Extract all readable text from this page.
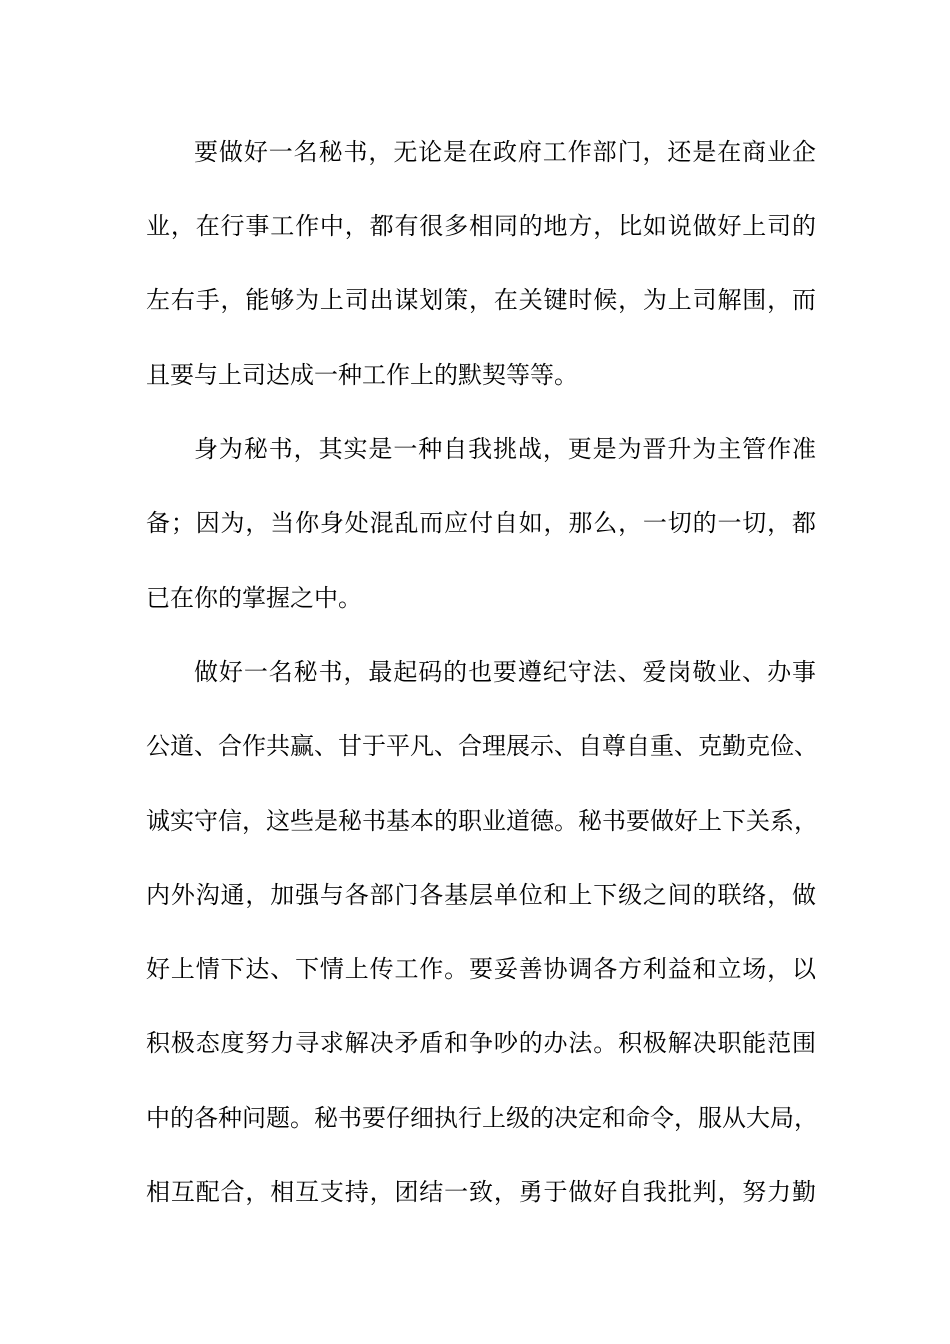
要做好一名秘书，无论是在政府工作部门，还是在商业企
业，在行事工作中，都有很多相同的地方，比如说做好上司的
左右手，能够为上司出谋划策，在关键时候，为上司解围，而
且要与上司达成一种工作上的默契等等。
身为秘书，其实是一种自我挑战，更是为晋升为主管作准
备；因为，当你身处混乱而应付自如，那么，一切的一切，都
已在你的掌握之中。
做好一名秘书，最起码的也要遵纪守法、爱岗敬业、办事
公道、合作共赢、甘于平凡、合理展示、自尊自重、克勤克俭、
诚实守信，这些是秘书基本的职业道德。秘书要做好上下关系，
内外沟通，加强与各部门各基层单位和上下级之间的联络，做
好上情下达、下情上传工作。要妥善协调各方利益和立场，以
积极态度努力寻求解决矛盾和争吵的办法。积极解决职能范围
中的各种问题。秘书要仔细执行上级的决定和命令，服从大局，
相互配合，相互支持，团结一致，勇于做好自我批判，努力勤
